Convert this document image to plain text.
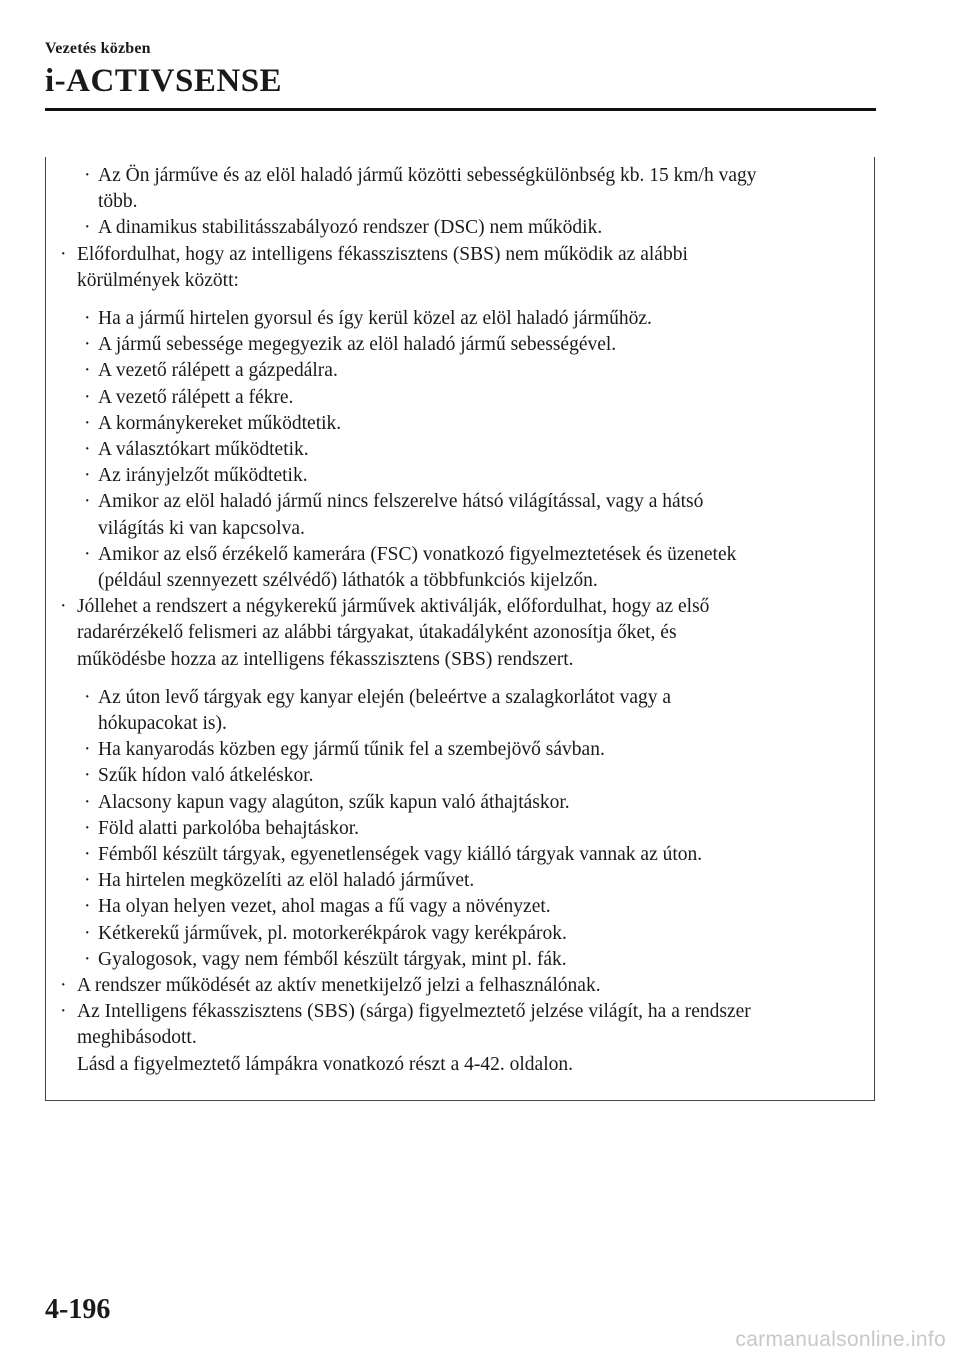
Vezetés közben
i-ACTIVSENSE
· Az Ön járműve és az elöl haladó jármű közötti sebességkülönbség kb. 15 km/h vagy
több.
· A dinamikus stabilitásszabályozó rendszer (DSC) nem működik.
· Előfordulhat, hogy az intelligens fékasszisztens (SBS) nem működik az alábbi
körülmények között:
· Ha a jármű hirtelen gyorsul és így kerül közel az elöl haladó járműhöz.
· A jármű sebessége megegyezik az elöl haladó jármű sebességével.
· A vezető rálépett a gázpedálra.
· A vezető rálépett a fékre.
· A kormánykereket működtetik.
· A választókart működtetik.
· Az irányjelzőt működtetik.
· Amikor az elöl haladó jármű nincs felszerelve hátsó világítással, vagy a hátsó
világítás ki van kapcsolva.
· Amikor az első érzékelő kamerára (FSC) vonatkozó figyelmeztetések és üzenetek
(például szennyezett szélvédő) láthatók a többfunkciós kijelzőn.
· Jóllehet a rendszert a négykerekű járművek aktiválják, előfordulhat, hogy az első
radarérzékelő felismeri az alábbi tárgyakat, útakadályként azonosítja őket, és
működésbe hozza az intelligens fékasszisztens (SBS) rendszert.
· Az úton levő tárgyak egy kanyar elején (beleértve a szalagkorlátot vagy a
hókupacokat is).
· Ha kanyarodás közben egy jármű tűnik fel a szembejövő sávban.
· Szűk hídon való átkeléskor.
· Alacsony kapun vagy alagúton, szűk kapun való áthajtáskor.
· Föld alatti parkolóba behajtáskor.
· Fémből készült tárgyak, egyenetlenségek vagy kiálló tárgyak vannak az úton.
· Ha hirtelen megközelíti az elöl haladó járművet.
· Ha olyan helyen vezet, ahol magas a fű vagy a növényzet.
· Kétkerekű járművek, pl. motorkerékpárok vagy kerékpárok.
· Gyalogosok, vagy nem fémből készült tárgyak, mint pl. fák.
· A rendszer működését az aktív menetkijelző jelzi a felhasználónak.
· Az Intelligens fékasszisztens (SBS) (sárga) figyelmeztető jelzése világít, ha a rendszer
meghibásodott.
Lásd a figyelmeztető lámpákra vonatkozó részt a 4-42. oldalon.
4-196
carmanualsonline.info
